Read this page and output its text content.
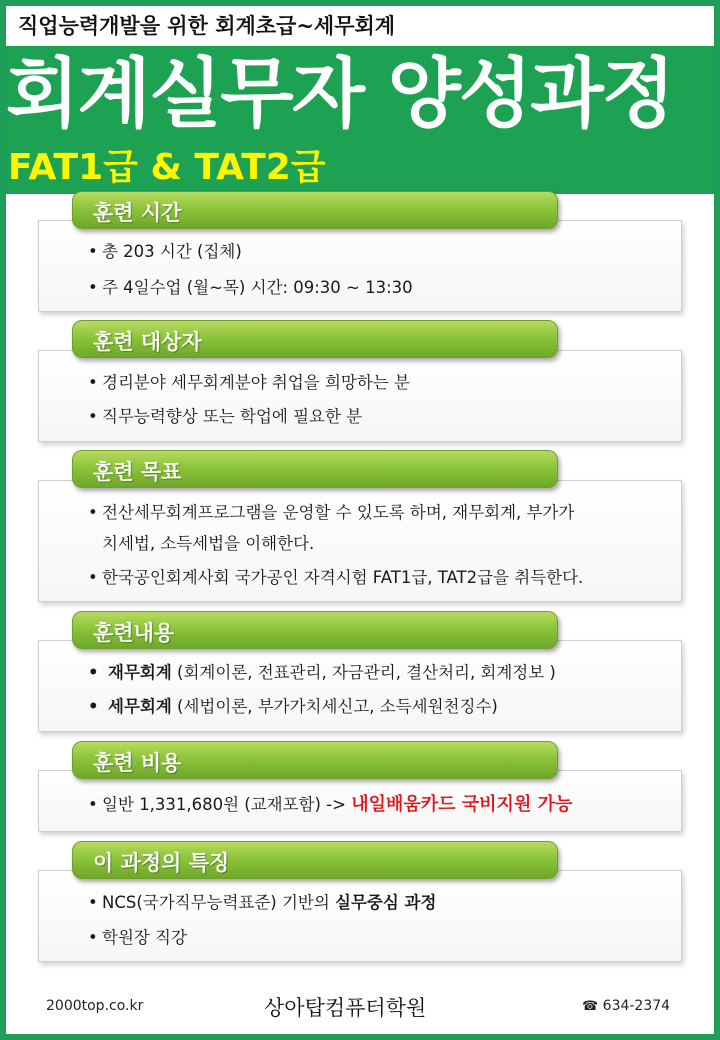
직업능력개발을 위한 회계초급~세무회계
회계실무자 양성과정
FAT1급 & TAT2급
훈련 시간
• 총 203 시간 (집체)
• 주 4일수업 (월~목) 시간: 09:30 ~ 13:30
훈련 대상자
• 경리분야 세무회계분야 취업을 희망하는 분
• 직무능력향상 또는 학업에 필요한 분
훈련 목표
• 전산세무회계프로그램을 운영할 수 있도록 하며, 재무회계, 부가가
치세법, 소득세법을 이해한다.
• 한국공인회계사회 국가공인 자격시험 FAT1급, TAT2급을 취득한다.
훈련내용
• 재무회계 (회계이론, 전표관리, 자금관리, 결산처리, 회계정보 )
• 세무회계 (세법이론, 부가가치세신고, 소득세원천징수)
훈련 비용
• 일반 1,331,680원 (교재포함) -> 내일배움카드 국비지원 가능
이 과정의 특징
• NCS(국가직무능력표준) 기반의 실무중심 과정
• 학원장 직강
2000top.co.kr	상아탑컴퓨터학원	☎ 634-2374
